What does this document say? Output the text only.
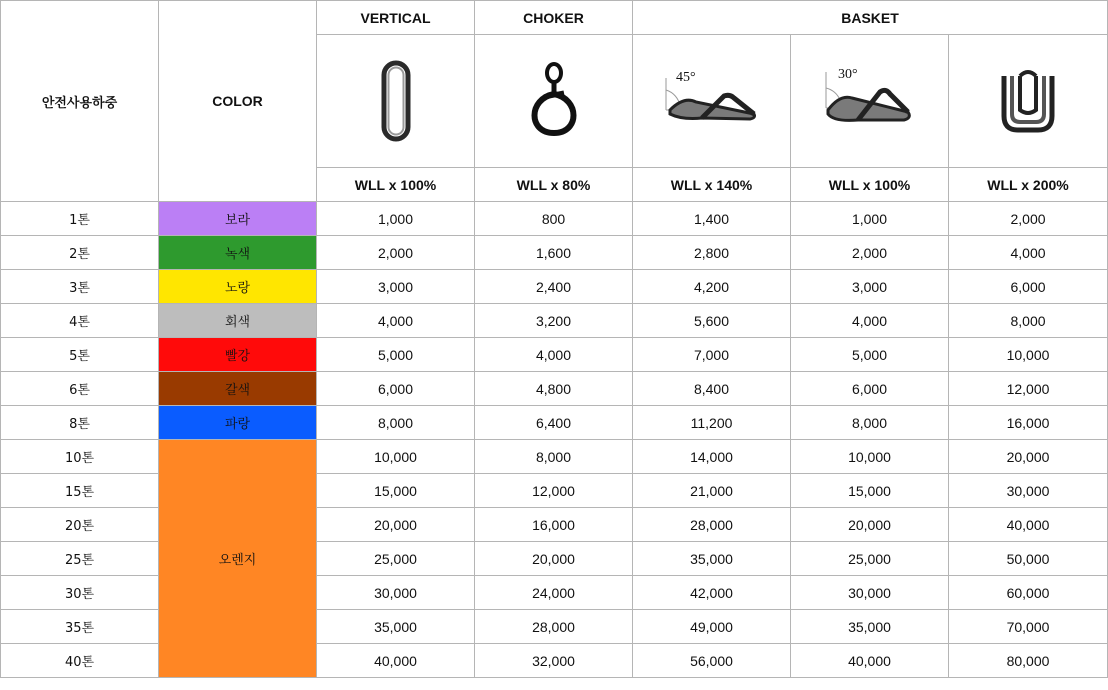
안전사용하중	COLOR	VERTICAL	CHOKER	BASKET		

45°	30°

		WLL x 100%	WLL x 80%	WLL x 140%	WLL x 100%	WLL x 200%
1톤	보라	1,000	800	1,400	1,000	2,000
2톤	녹색	2,000	1,600	2,800	2,000	4,000
3톤	노랑	3,000	2,400	4,200	3,000	6,000
4톤	회색	4,000	3,200	5,600	4,000	8,000
5톤	빨강	5,000	4,000	7,000	5,000	10,000
6톤	갈색	6,000	4,800	8,400	6,000	12,000
8톤	파랑	8,000	6,400	11,200	8,000	16,000
10톤	오렌지	10,000	8,000	14,000	10,000	20,000
15톤		15,000	12,000	21,000	15,000	30,000
20톤		20,000	16,000	28,000	20,000	40,000
25톤		25,000	20,000	35,000	25,000	50,000
30톤		30,000	24,000	42,000	30,000	60,000
35톤		35,000	28,000	49,000	35,000	70,000
40톤		40,000	32,000	56,000	40,000	80,000
